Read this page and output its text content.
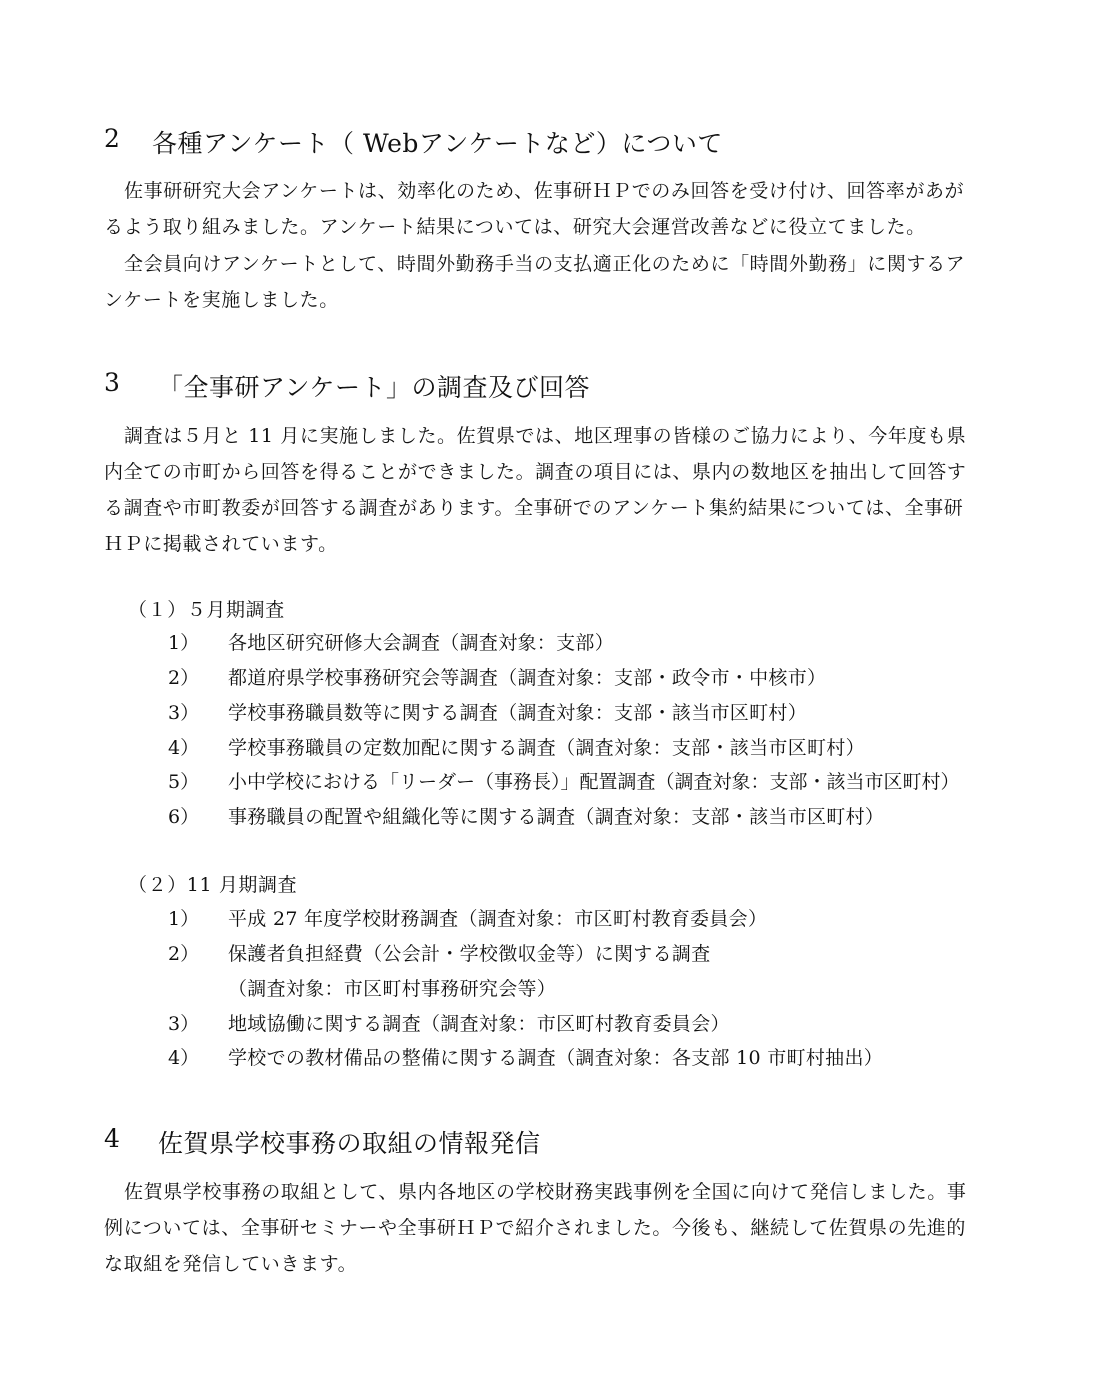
2 各種アンケート（ Webアンケートなど）について
佐事研研究大会アンケートは、効率化のため、佐事研ＨＰでのみ回答を受け付け、回答率があが
るよう取り組みました。アンケート結果については、研究大会運営改善などに役立てました。
全会員向けアンケートとして、時間外勤務手当の支払適正化のために「時間外勤務」に関するア
ンケートを実施しました。
3 「全事研アンケート」の調査及び回答
調査は５月と 11 月に実施しました。佐賀県では、地区理事の皆様のご協力により、今年度も県
内全ての市町から回答を得ることができました。調査の項目には、県内の数地区を抽出して回答す
る調査や市町教委が回答する調査があります。全事研でのアンケート集約結果については、全事研
ＨＰに掲載されています。
（１）５月期調査
1） 各地区研究研修大会調査（調査対象：支部）
2） 都道府県学校事務研究会等調査（調査対象：支部・政令市・中核市）
3） 学校事務職員数等に関する調査（調査対象：支部・該当市区町村）
4） 学校事務職員の定数加配に関する調査（調査対象：支部・該当市区町村）
5） 小中学校における「リーダー（事務長）」配置調査（調査対象：支部・該当市区町村）
6） 事務職員の配置や組織化等に関する調査（調査対象：支部・該当市区町村）
（２）11 月期調査
1） 平成 27 年度学校財務調査（調査対象：市区町村教育委員会）
2） 保護者負担経費（公会計・学校徴収金等）に関する調査
（調査対象：市区町村事務研究会等）
3） 地域協働に関する調査（調査対象：市区町村教育委員会）
4） 学校での教材備品の整備に関する調査（調査対象：各支部 10 市町村抽出）
4 佐賀県学校事務の取組の情報発信
佐賀県学校事務の取組として、県内各地区の学校財務実践事例を全国に向けて発信しました。事
例については、全事研セミナーや全事研ＨＰで紹介されました。今後も、継続して佐賀県の先進的
な取組を発信していきます。
